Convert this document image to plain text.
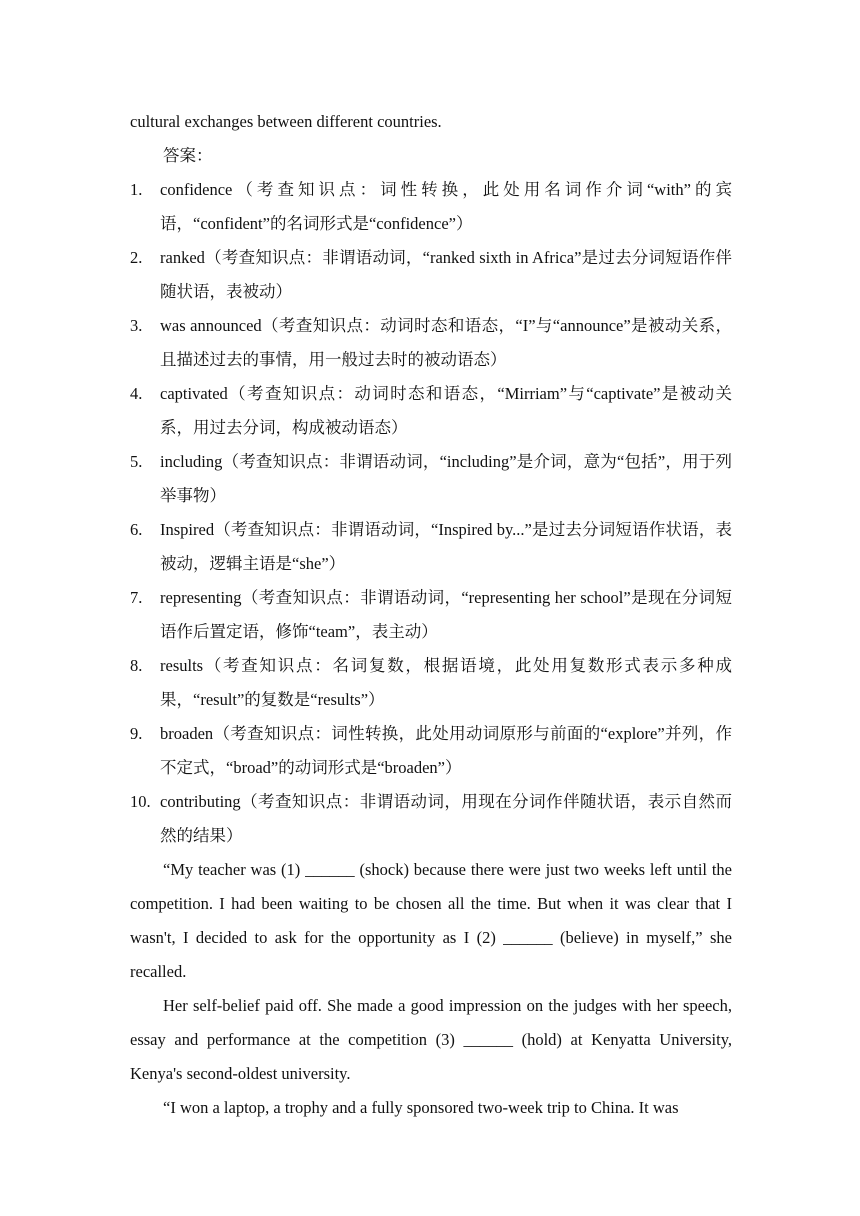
cultural exchanges between different countries.

答案：

1. confidence（考查知识点：词性转换，此处用名词作介词“with”的宾语，“confident”的名词形式是“confidence”）
2. ranked（考查知识点：非谓语动词，“ranked sixth in Africa”是过去分词短语作伴随状语，表被动）
3. was announced（考查知识点：动词时态和语态，“I”与“announce”是被动关系，且描述过去的事情，用一般过去时的被动语态）
4. captivated（考查知识点：动词时态和语态，“Mirriam”与“captivate”是被动关系，用过去分词，构成被动语态）
5. including（考查知识点：非谓语动词，“including”是介词，意为“包括”，用于列举事物）
6. Inspired（考查知识点：非谓语动词，“Inspired by...”是过去分词短语作状语，表被动，逻辑主语是“she”）
7. representing（考查知识点：非谓语动词，“representing her school”是现在分词短语作后置定语，修饰“team”，表主动）
8. results（考查知识点：名词复数，根据语境，此处用复数形式表示多种成果，“result”的复数是“results”）
9. broaden（考查知识点：词性转换，此处用动词原形与前面的“explore”并列，作不定式，“broad”的动词形式是“broaden”）
10. contributing（考查知识点：非谓语动词，用现在分词作伴随状语，表示自然而然的结果）

“My teacher was (1) ______ (shock) because there were just two weeks left until the competition. I had been waiting to be chosen all the time. But when it was clear that I wasn't, I decided to ask for the opportunity as I (2) ______ (believe) in myself,” she recalled.

Her self-belief paid off. She made a good impression on the judges with her speech, essay and performance at the competition (3) ______ (hold) at Kenyatta University, Kenya's second-oldest university.

“I won a laptop, a trophy and a fully sponsored two-week trip to China. It was
